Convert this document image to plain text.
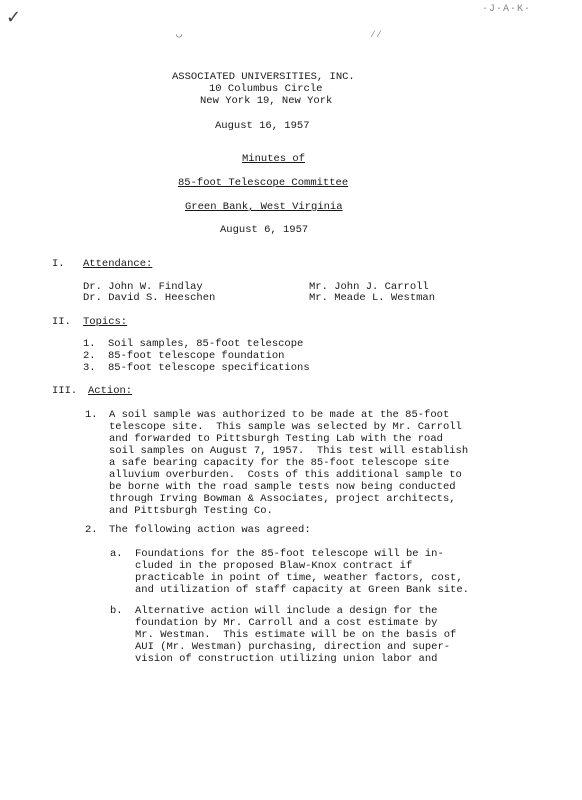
✓	·J·A·K·
◡	⁄⁄
ASSOCIATED UNIVERSITIES, INC.
10 Columbus Circle
New York 19, New York
August 16, 1957
Minutes of
85-foot Telescope Committee
Green Bank, West Virginia
August 6, 1957
I. Attendance:
Dr. John W. Findlay
Dr. David S. Heeschen
Mr. John J. Carroll
Mr. Meade L. Westman
II. Topics:
1. Soil samples, 85-foot telescope
2. 85-foot telescope foundation
3. 85-foot telescope specifications
III. Action:
1. A soil sample was authorized to be made at the 85-foot
telescope site.  This sample was selected by Mr. Carroll
and forwarded to Pittsburgh Testing Lab with the road
soil samples on August 7, 1957.  This test will establish
a safe bearing capacity for the 85-foot telescope site
alluvium overburden.  Costs of this additional sample to
be borne with the road sample tests now being conducted
through Irving Bowman & Associates, project architects,
and Pittsburgh Testing Co.
2. The following action was agreed:
a. Foundations for the 85-foot telescope will be in-
cluded in the proposed Blaw-Knox contract if
practicable in point of time, weather factors, cost,
and utilization of staff capacity at Green Bank site.
b. Alternative action will include a design for the
foundation by Mr. Carroll and a cost estimate by
Mr. Westman.  This estimate will be on the basis of
AUI (Mr. Westman) purchasing, direction and super-
vision of construction utilizing union labor and
